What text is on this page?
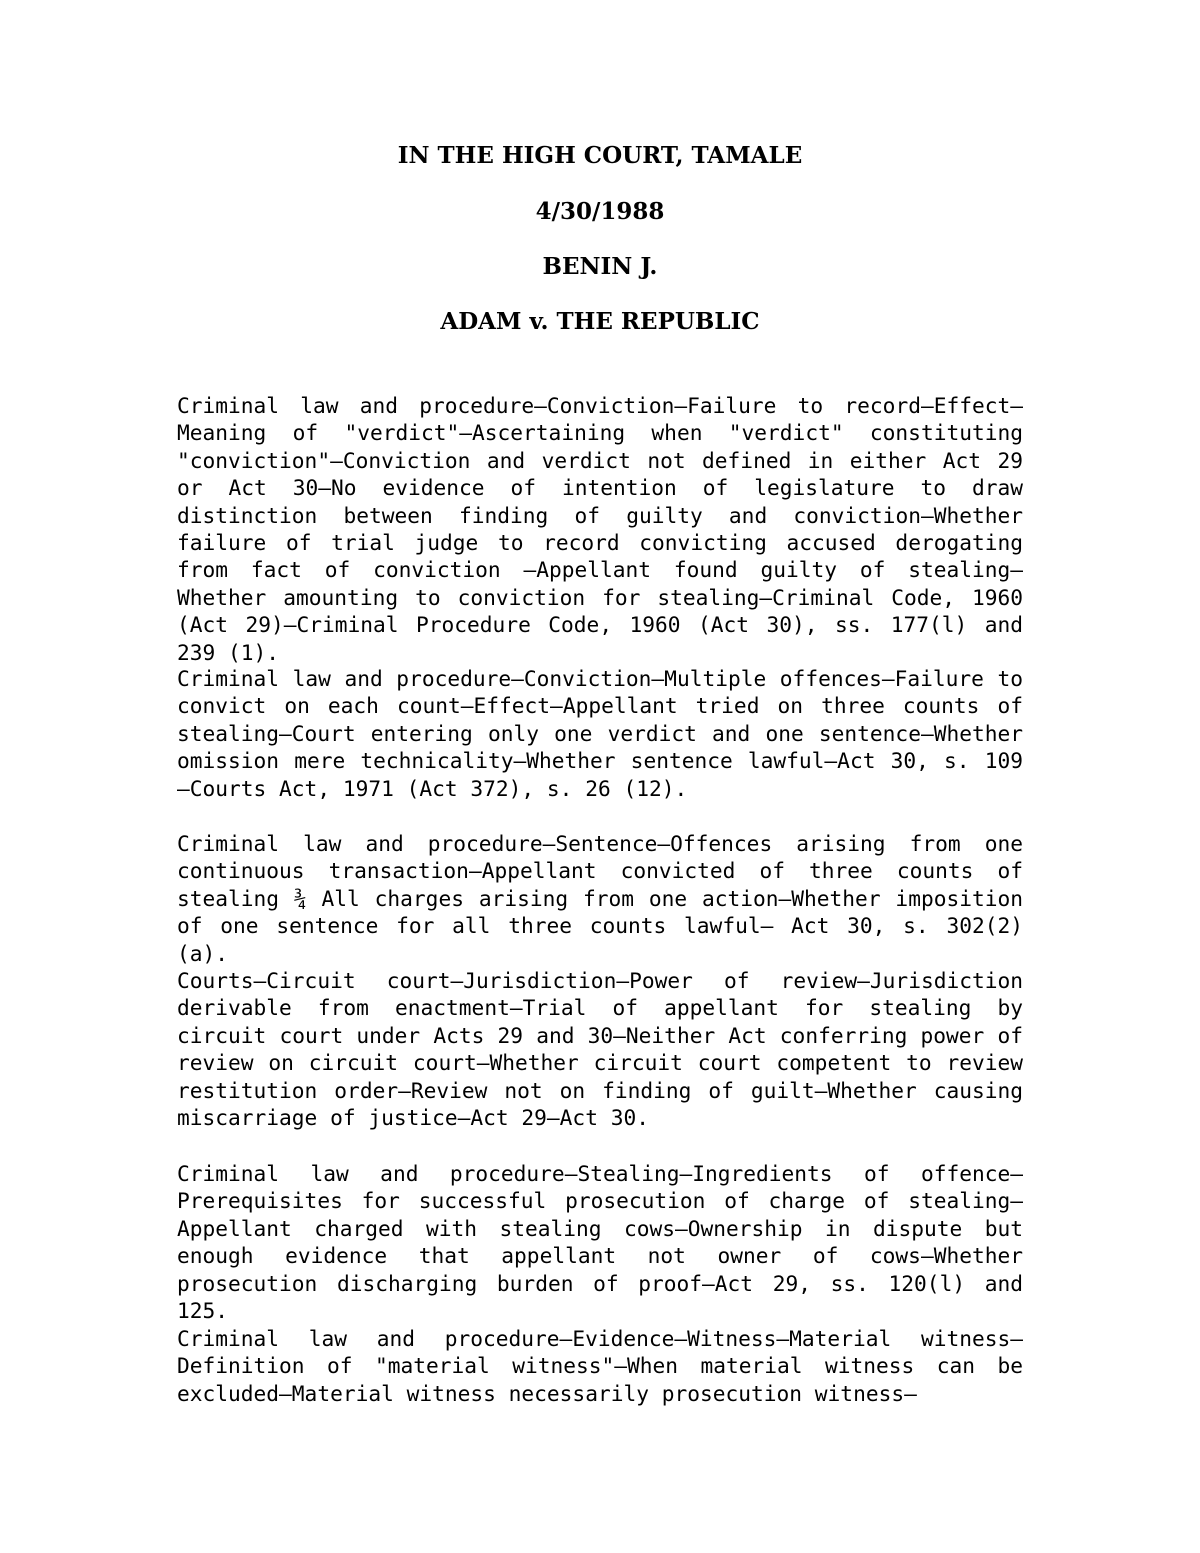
IN THE HIGH COURT, TAMALE
4/30/1988
BENIN J.
ADAM v. THE REPUBLIC

Criminal law and procedure—Conviction—Failure to record—Effect—Meaning of "verdict"—Ascertaining when "verdict" constituting "conviction"—Conviction and verdict not defined in either Act 29 or Act 30—No evidence of intention of legislature to draw distinction between finding of guilty and conviction—Whether failure of trial judge to record convicting accused derogating from fact of conviction —Appellant found guilty of stealing—Whether amounting to conviction for stealing—Criminal Code, 1960 (Act 29)—Criminal Procedure Code, 1960 (Act 30), ss. 177(l) and 239 (1).

Criminal law and procedure—Conviction—Multiple offences—Failure to convict on each count—Effect—Appellant tried on three counts of stealing—Court entering only one verdict and one sentence—Whether omission mere technicality—Whether sentence lawful—Act 30, s. 109 —Courts Act, 1971 (Act 372), s. 26 (12).

Criminal law and procedure—Sentence—Offences arising from one continuous transaction—Appellant convicted of three counts of stealing ¾ All charges arising from one action—Whether imposition of one sentence for all three counts lawful— Act 30, s. 302(2) (a).

Courts—Circuit court—Jurisdiction—Power of review—Jurisdiction derivable from enactment—Trial of appellant for stealing by circuit court under Acts 29 and 30—Neither Act conferring power of review on circuit court—Whether circuit court competent to review restitution order—Review not on finding of guilt—Whether causing miscarriage of justice—Act 29—Act 30.

Criminal law and procedure—Stealing—Ingredients of offence—Prerequisites for successful prosecution of charge of stealing—Appellant charged with stealing cows—Ownership in dispute but enough evidence that appellant not owner of cows—Whether prosecution discharging burden of proof—Act 29, ss. 120(l) and 125.

Criminal law and procedure—Evidence—Witness—Material witness—Definition of "material witness"—When material witness can be excluded—Material witness necessarily prosecution witness—
